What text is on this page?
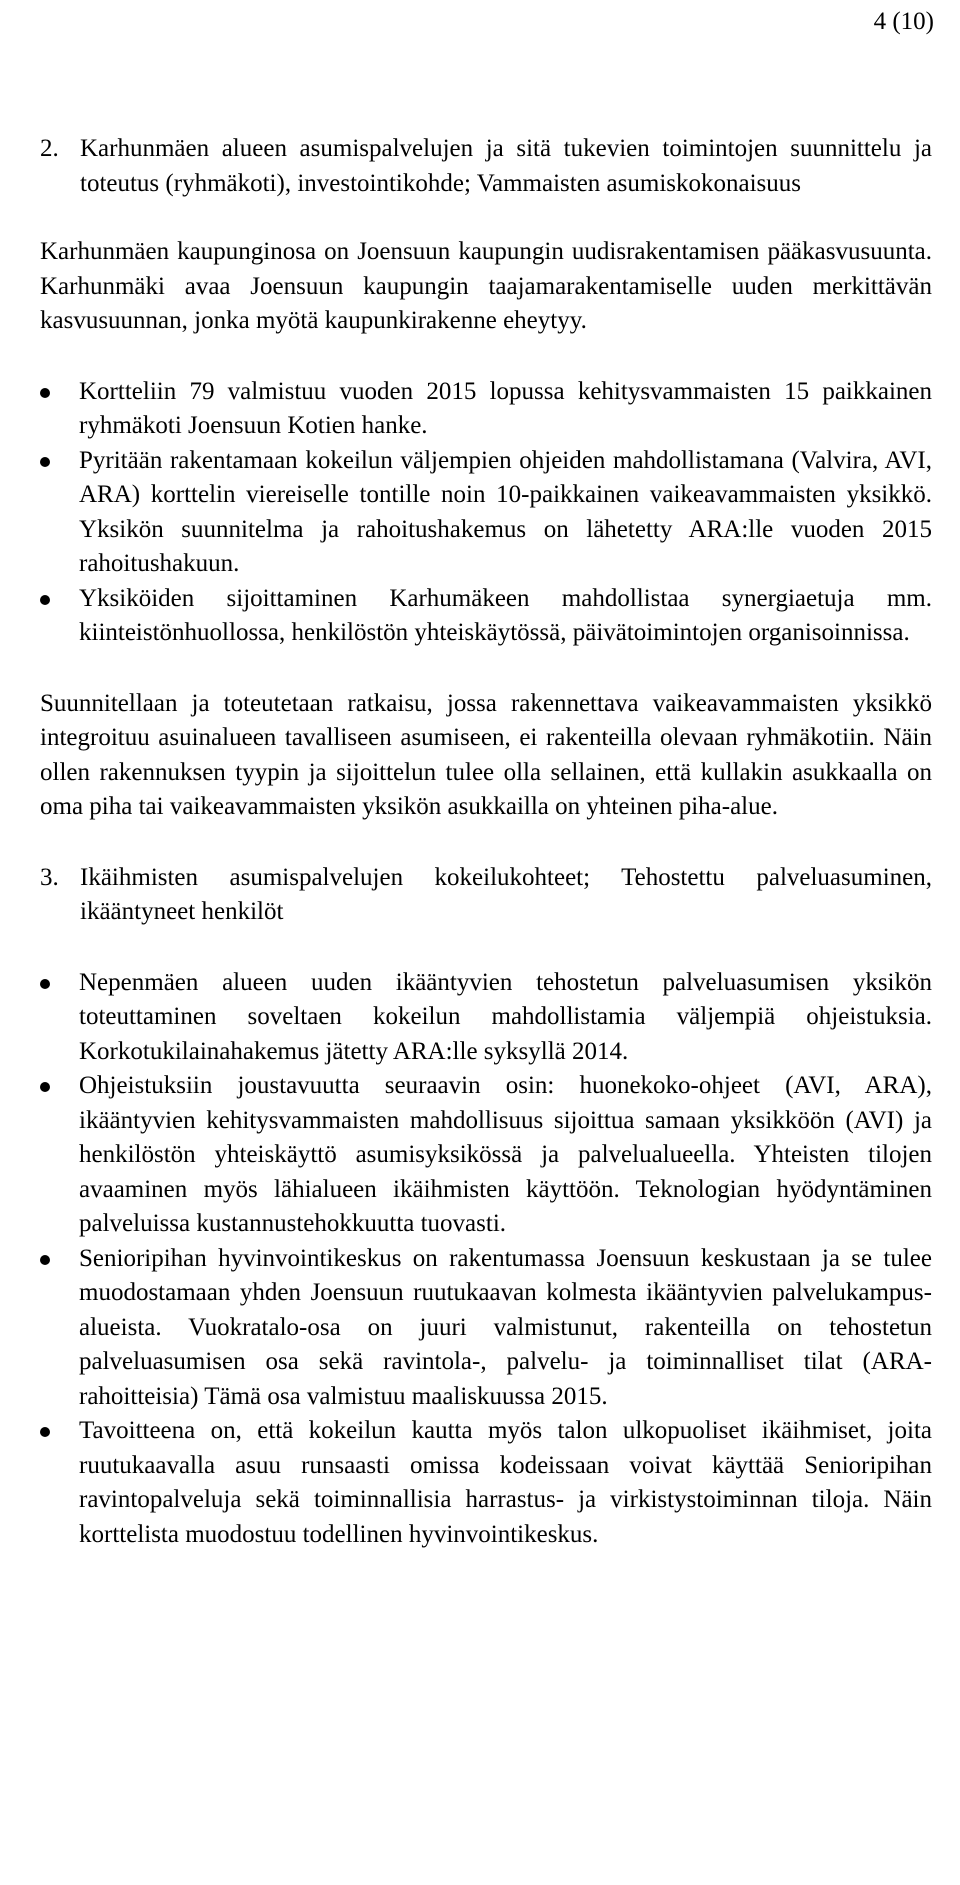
4 (10)
2. Karhunmäen alueen asumispalvelujen ja sitä tukevien toimintojen suunnittelu ja toteutus (ryhmäkoti), investointikohde; Vammaisten asumiskokonaisuus

Karhunmäen kaupunginosa on Joensuun kaupungin uudisrakentamisen pääkasvusuunta. Karhunmäki avaa Joensuun kaupungin taajamarakentamiselle uuden merkittävän kasvusuunnan, jonka myötä kaupunkirakenne eheytyy.

Kortteliin 79 valmistuu vuoden 2015 lopussa kehitysvammaisten 15 paikkainen ryhmäkoti Joensuun Kotien hanke.
Pyritään rakentamaan kokeilun väljempien ohjeiden mahdollistamana (Valvira, AVI, ARA) korttelin viereiselle tontille noin 10-paikkainen vaikeavammaisten yksikkö. Yksikön suunnitelma ja rahoitushakemus on lähetetty ARA:lle vuoden 2015 rahoitushakuun.
Yksiköiden sijoittaminen Karhumäkeen mahdollistaa synergiaetuja mm. kiinteistönhuollossa, henkilöstön yhteiskäytössä, päivätoimintojen organisoinnissa.

Suunnitellaan ja toteutetaan ratkaisu, jossa rakennettava vaikeavammaisten yksikkö integroituu asuinalueen tavalliseen asumiseen, ei rakenteilla olevaan ryhmäkotiin. Näin ollen rakennuksen tyypin ja sijoittelun tulee olla sellainen, että kullakin asukkaalla on oma piha tai vaikeavammaisten yksikön asukkailla on yhteinen piha-alue.

3. Ikäihmisten asumispalvelujen kokeilukohteet; Tehostettu palveluasuminen, ikääntyneet henkilöt
Nepenmäen alueen uuden ikääntyvien tehostetun palveluasumisen yksikön toteuttaminen soveltaen kokeilun mahdollistamia väljempiä ohjeistuksia. Korkotukilainahakemus jätetty ARA:lle syksyllä 2014.
Ohjeistuksiin joustavuutta seuraavin osin: huonekoko-ohjeet (AVI, ARA), ikääntyvien kehitysvammaisten mahdollisuus sijoittua samaan yksikköön (AVI) ja henkilöstön yhteiskäyttö asumisyksikössä ja palvelualueella. Yhteisten tilojen avaaminen myös lähialueen ikäihmisten käyttöön. Teknologian hyödyntäminen palveluissa kustannustehokkuutta tuovasti.
Senioripihan hyvinvointikeskus on rakentumassa Joensuun keskustaan ja se tulee muodostamaan yhden Joensuun ruutukaavan kolmesta ikääntyvien palvelukampus-alueista. Vuokratalo-osa on juuri valmistunut, rakenteilla on tehostetun palveluasumisen osa sekä ravintola-, palvelu- ja toiminnalliset tilat (ARA-rahoitteisia) Tämä osa valmistuu maaliskuussa 2015.
Tavoitteena on, että kokeilun kautta myös talon ulkopuoliset ikäihmiset, joita ruutukaavalla asuu runsaasti omissa kodeissaan voivat käyttää Senioripihan ravintopalveluja sekä toiminnallisia harrastus- ja virkistystoiminnan tiloja. Näin korttelista muodostuu todellinen hyvinvointikeskus.
